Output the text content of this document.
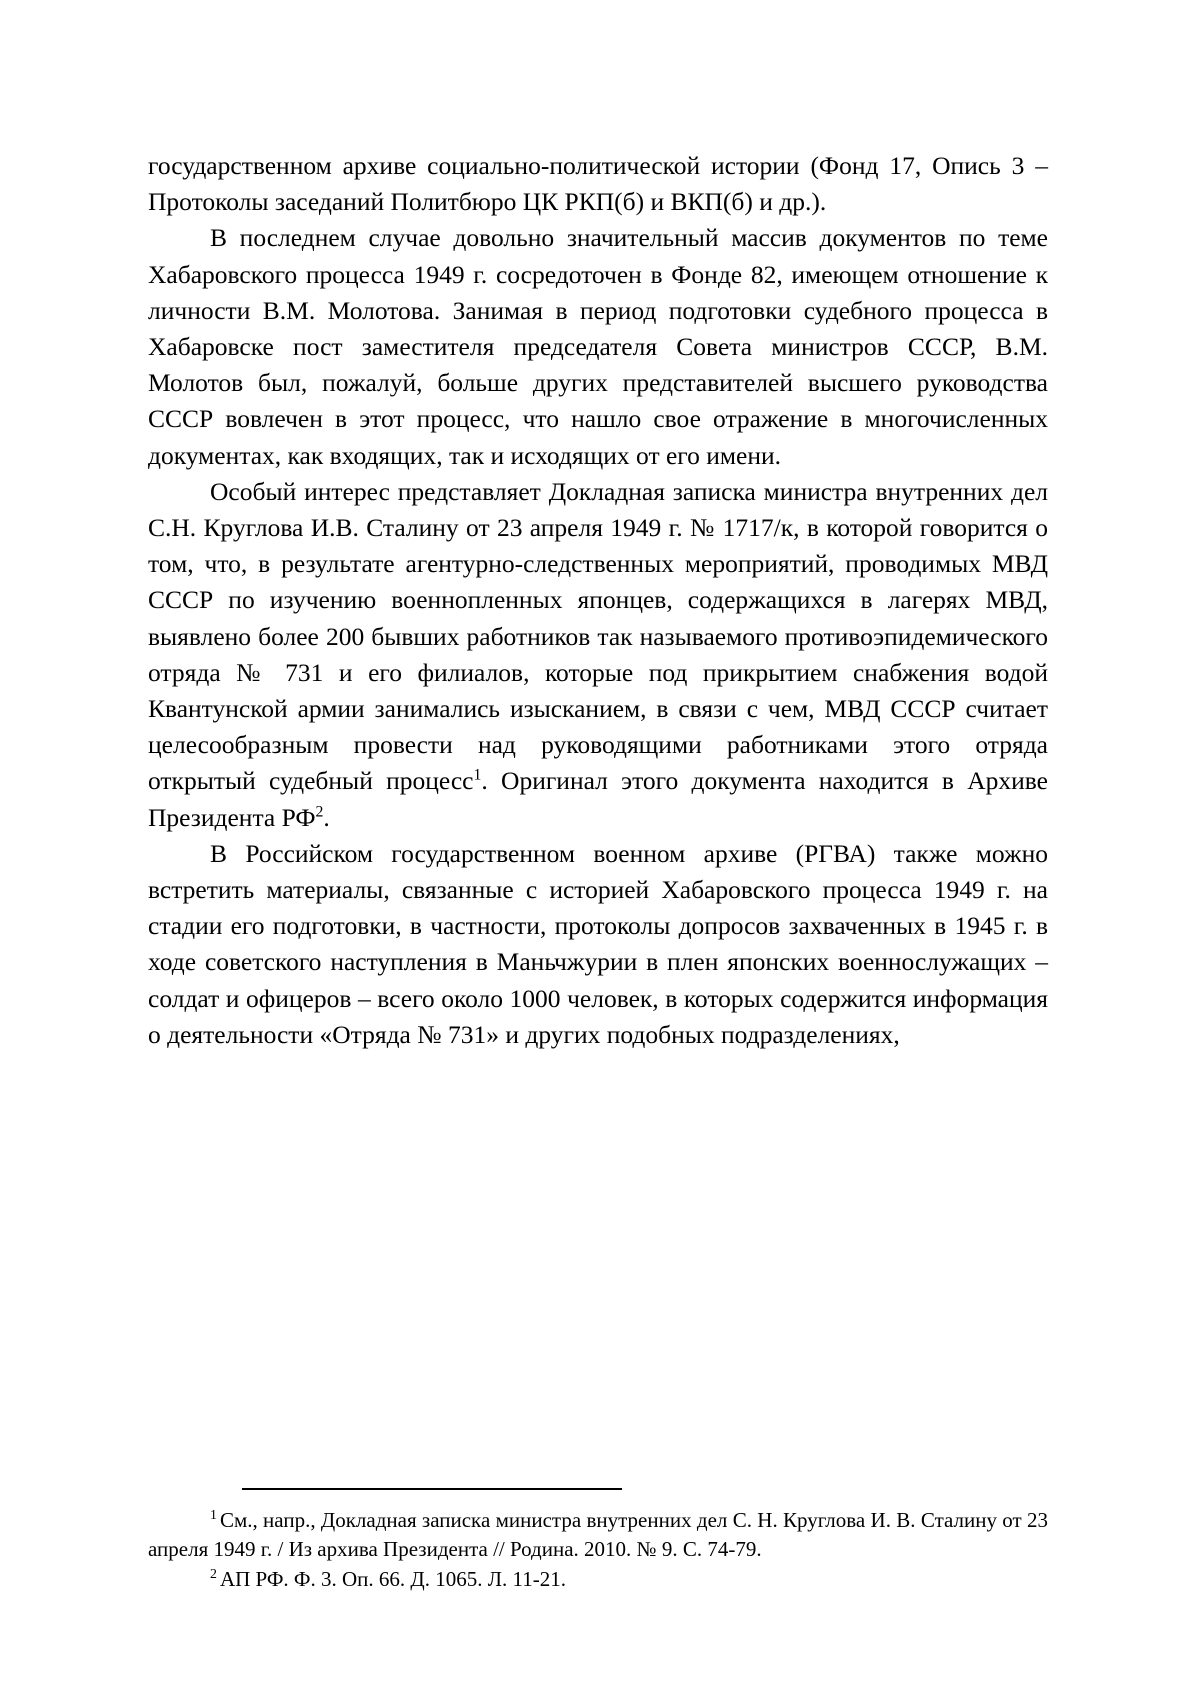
государственном архиве социально-политической истории (Фонд 17, Опись 3 – Протоколы заседаний Политбюро ЦК РКП(б) и ВКП(б) и др.).

В последнем случае довольно значительный массив документов по теме Хабаровского процесса 1949 г. сосредоточен в Фонде 82, имеющем отношение к личности В.М. Молотова. Занимая в период подготовки судебного процесса в Хабаровске пост заместителя председателя Совета министров СССР, В.М. Молотов был, пожалуй, больше других представителей высшего руководства СССР вовлечен в этот процесс, что нашло свое отражение в многочисленных документах, как входящих, так и исходящих от его имени.

Особый интерес представляет Докладная записка министра внутренних дел С.Н. Круглова И.В. Сталину от 23 апреля 1949 г. № 1717/к, в которой говорится о том, что, в результате агентурно-следственных мероприятий, проводимых МВД СССР по изучению военнопленных японцев, содержащихся в лагерях МВД, выявлено более 200 бывших работников так называемого противоэпидемического отряда № 731 и его филиалов, которые под прикрытием снабжения водой Квантунской армии занимались изысканием, в связи с чем, МВД СССР считает целесообразным провести над руководящими работниками этого отряда открытый судебный процесс$^1$. Оригинал этого документа находится в Архиве Президента $РФ^2$.

В Российском государственном военном архиве (РГВА) также можно встретить материалы, связанные с историей Хабаровского процесса 1949 г. на стадии его подготовки, в частности, протоколы допросов захваченных в 1945 г. в ходе советского наступления в Маньчжурии в плен японских военнослужащих – солдат и офицеров – всего около 1000 человек, в которых содержится информация о деятельности «Отряда № 731» и других подобных подразделениях,

$^1$ См., напр., Докладная записка министра внутренних дел С. Н. Круглова И. В. Сталину от 23 апреля 1949 г. / Из архива Президента // Родина. 2010. № 9. С. 74-79.

$^2$ АП РФ. Ф. 3. Оп. 66. Д. 1065. Л. 11-21.
